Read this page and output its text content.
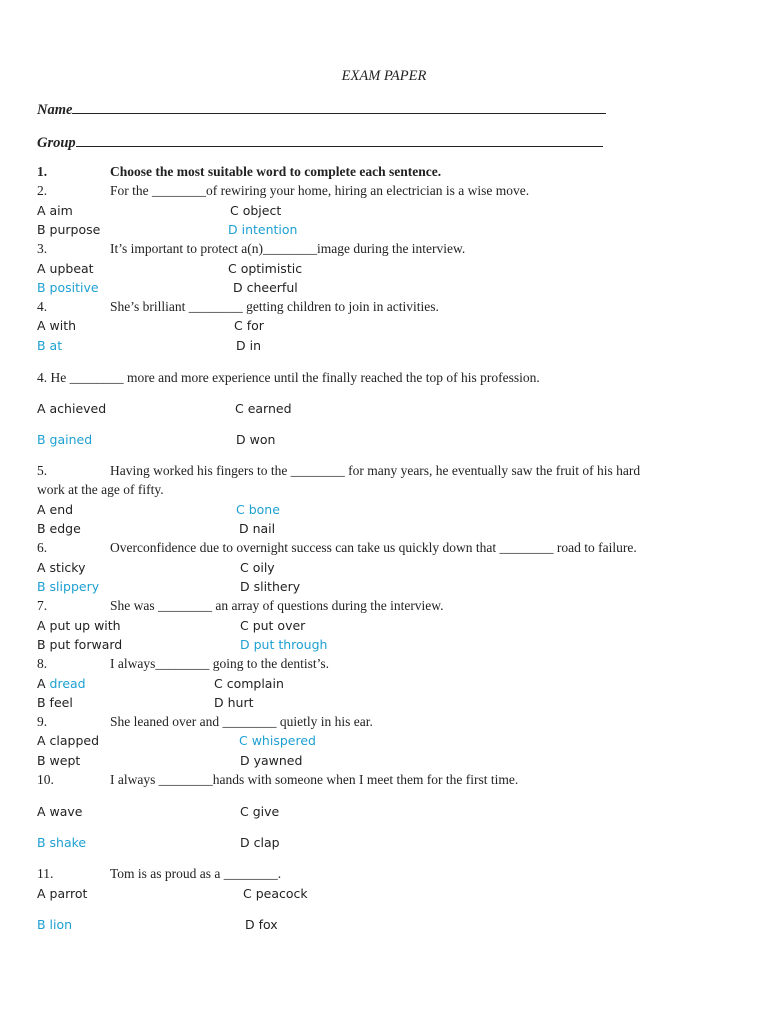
EXAM PAPER
Name
Group
1.	Choose the most suitable word to complete each sentence.
2.	For the ________of rewiring your home, hiring an electrician is a wise move.
A aim	C object
B purpose	D intention
3.	It’s important to protect a(n)________image during the interview.
A upbeat	C optimistic
B positive	D cheerful
4.	She’s brilliant ________ getting children to join in activities.
A with	C for
B at	D in
4. He ________ more and more experience until the finally reached the top of his profession.
A achieved	C earned
B gained	D won
5.	Having worked his fingers to the ________ for many years, he eventually saw the fruit of his hard
work at the age of fifty.
A end	C bone
B edge	D nail
6.	Overconfidence due to overnight success can take us quickly down that ________ road to failure.
A sticky	C oily
B slippery	D slithery
7.	She was ________ an array of questions during the interview.
A put up with	C put over
B put forward	D put through
8.	I always________ going to the dentist’s.
A dread	C complain
B feel	D hurt
9.	She leaned over and ________ quietly in his ear.
A clapped	C whispered
B wept	D yawned
10.	I always ________hands with someone when I meet them for the first time.
A wave	C give
B shake	D clap
11.	Tom is as proud as a ________.
A parrot	C peacock
B lion	D fox
